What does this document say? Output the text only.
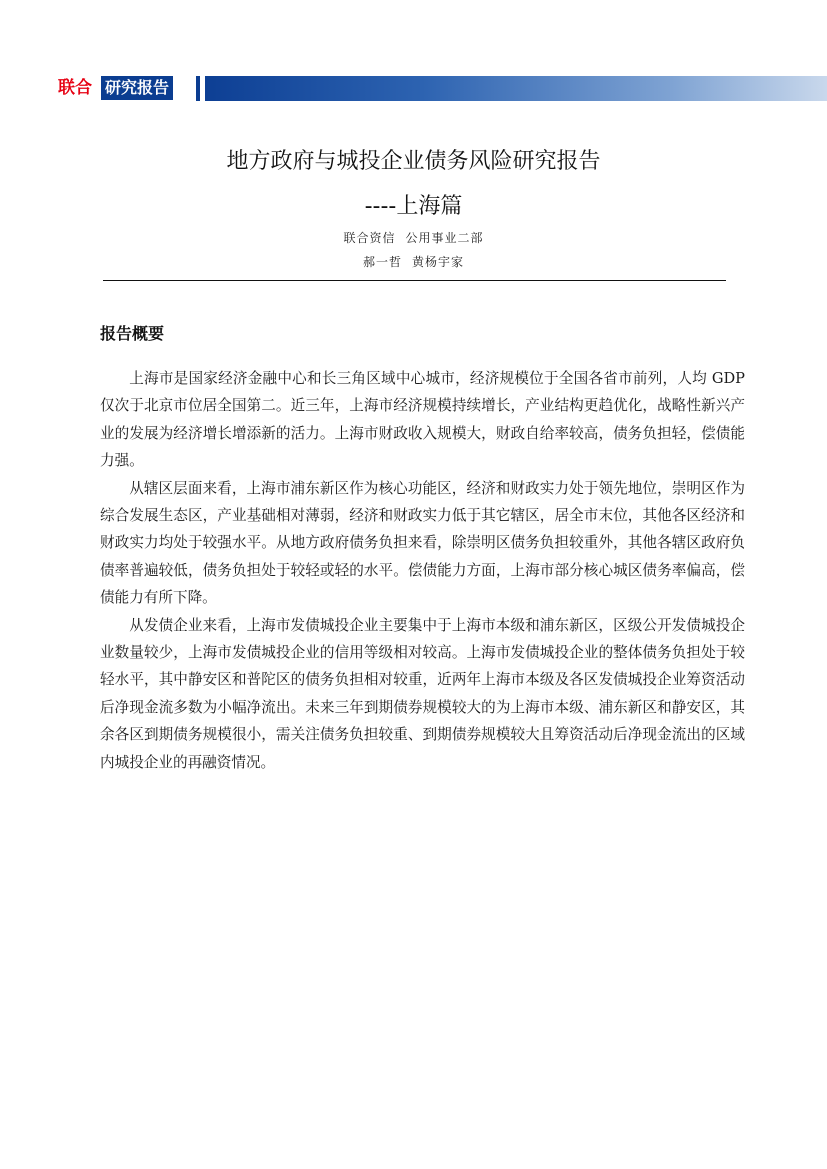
联合 研究报告
地方政府与城投企业债务风险研究报告
----上海篇
联合资信 公用事业二部
郝一哲 黄杨宇家
报告概要

上海市是国家经济金融中心和长三角区域中心城市，经济规模位于全国各省市前列，人均 GDP 仅次于北京市位居全国第二。近三年，上海市经济规模持续增长，产业结构更趋优化，战略性新兴产业的发展为经济增长增添新的活力。上海市财政收入规模大，财政自给率较高，债务负担轻，偿债能力强。

从辖区层面来看，上海市浦东新区作为核心功能区，经济和财政实力处于领先地位，崇明区作为综合发展生态区，产业基础相对薄弱，经济和财政实力低于其它辖区，居全市末位，其他各区经济和财政实力均处于较强水平。从地方政府债务负担来看，除崇明区债务负担较重外，其他各辖区政府负债率普遍较低，债务负担处于较轻或轻的水平。偿债能力方面，上海市部分核心城区债务率偏高，偿债能力有所下降。

从发债企业来看，上海市发债城投企业主要集中于上海市本级和浦东新区，区级公开发债城投企业数量较少，上海市发债城投企业的信用等级相对较高。上海市发债城投企业的整体债务负担处于较轻水平，其中静安区和普陀区的债务负担相对较重，近两年上海市本级及各区发债城投企业筹资活动后净现金流多数为小幅净流出。未来三年到期债券规模较大的为上海市本级、浦东新区和静安区，其余各区到期债务规模很小，需关注债务负担较重、到期债券规模较大且筹资活动后净现金流出的区域内城投企业的再融资情况。
